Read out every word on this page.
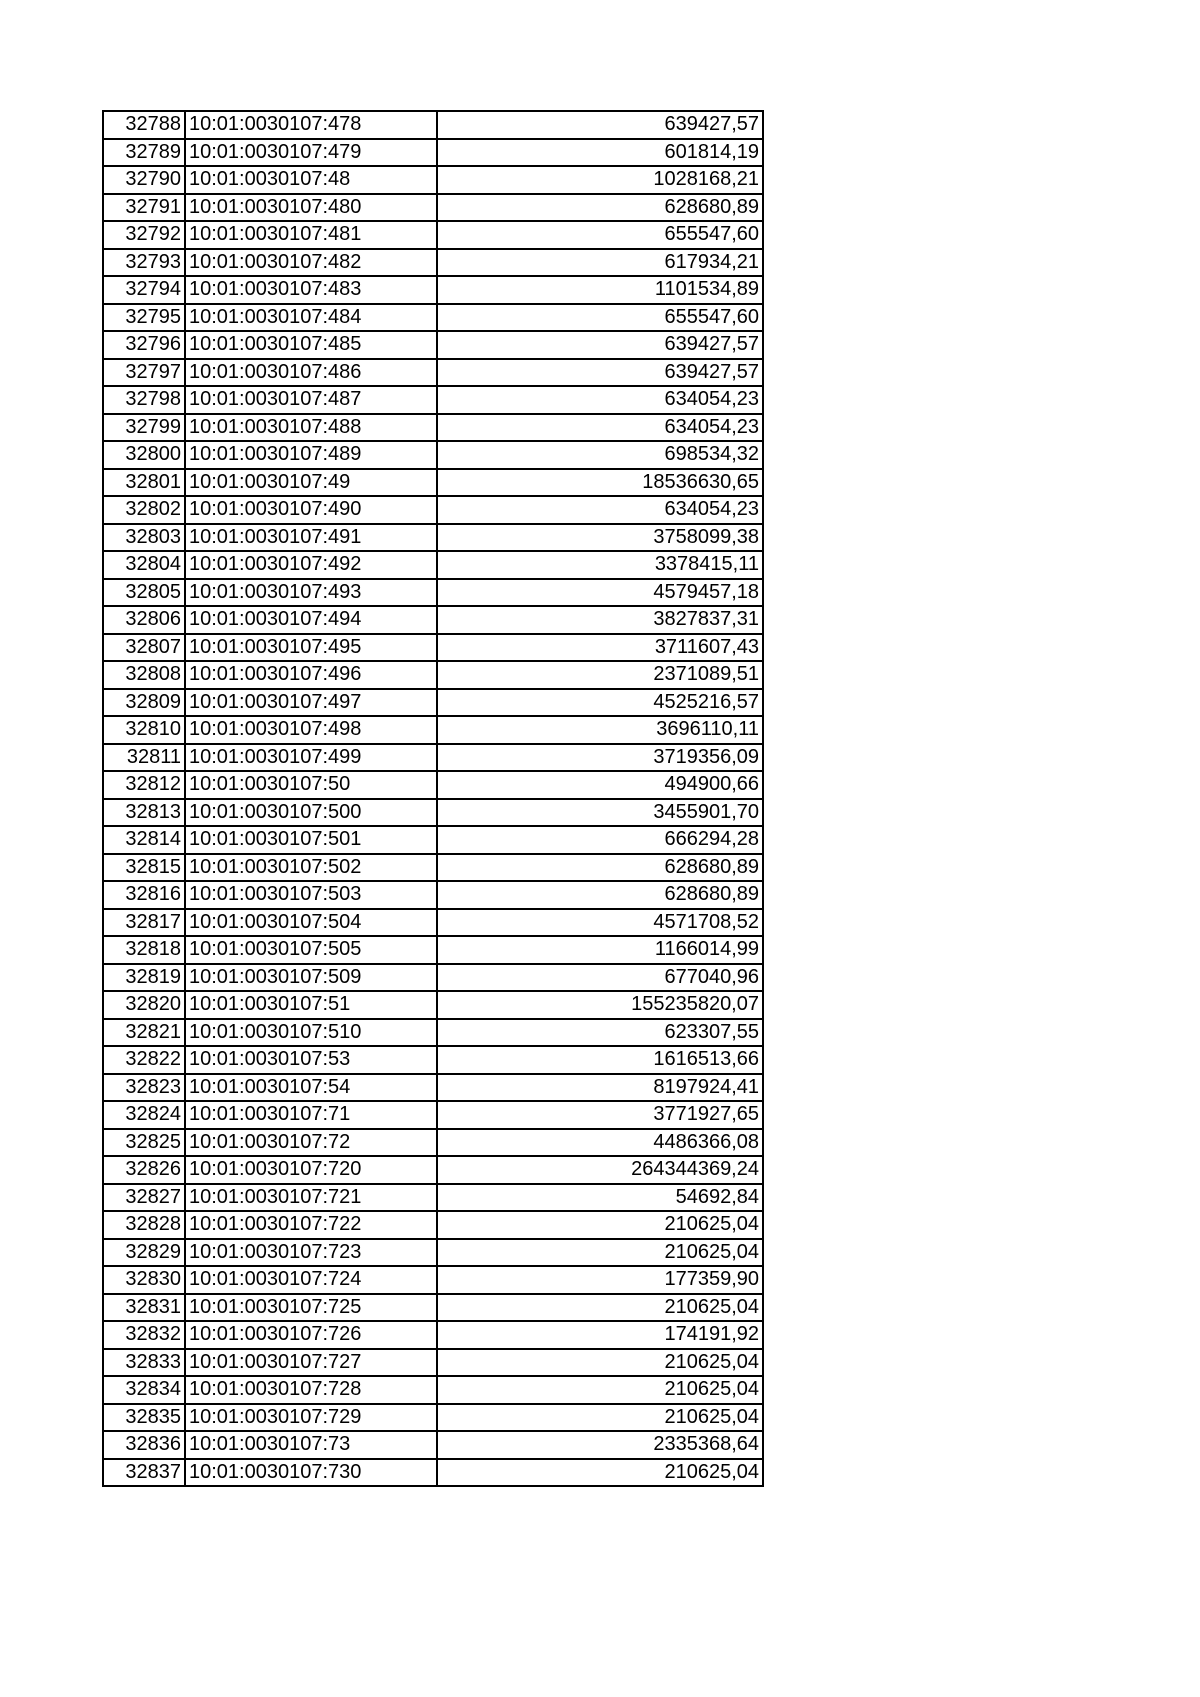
32788	10:01:0030107:478	639427,57
32789	10:01:0030107:479	601814,19
32790	10:01:0030107:48	1028168,21
32791	10:01:0030107:480	628680,89
32792	10:01:0030107:481	655547,60
32793	10:01:0030107:482	617934,21
32794	10:01:0030107:483	1101534,89
32795	10:01:0030107:484	655547,60
32796	10:01:0030107:485	639427,57
32797	10:01:0030107:486	639427,57
32798	10:01:0030107:487	634054,23
32799	10:01:0030107:488	634054,23
32800	10:01:0030107:489	698534,32
32801	10:01:0030107:49	18536630,65
32802	10:01:0030107:490	634054,23
32803	10:01:0030107:491	3758099,38
32804	10:01:0030107:492	3378415,11
32805	10:01:0030107:493	4579457,18
32806	10:01:0030107:494	3827837,31
32807	10:01:0030107:495	3711607,43
32808	10:01:0030107:496	2371089,51
32809	10:01:0030107:497	4525216,57
32810	10:01:0030107:498	3696110,11
32811	10:01:0030107:499	3719356,09
32812	10:01:0030107:50	494900,66
32813	10:01:0030107:500	3455901,70
32814	10:01:0030107:501	666294,28
32815	10:01:0030107:502	628680,89
32816	10:01:0030107:503	628680,89
32817	10:01:0030107:504	4571708,52
32818	10:01:0030107:505	1166014,99
32819	10:01:0030107:509	677040,96
32820	10:01:0030107:51	155235820,07
32821	10:01:0030107:510	623307,55
32822	10:01:0030107:53	1616513,66
32823	10:01:0030107:54	8197924,41
32824	10:01:0030107:71	3771927,65
32825	10:01:0030107:72	4486366,08
32826	10:01:0030107:720	264344369,24
32827	10:01:0030107:721	54692,84
32828	10:01:0030107:722	210625,04
32829	10:01:0030107:723	210625,04
32830	10:01:0030107:724	177359,90
32831	10:01:0030107:725	210625,04
32832	10:01:0030107:726	174191,92
32833	10:01:0030107:727	210625,04
32834	10:01:0030107:728	210625,04
32835	10:01:0030107:729	210625,04
32836	10:01:0030107:73	2335368,64
32837	10:01:0030107:730	210625,04
